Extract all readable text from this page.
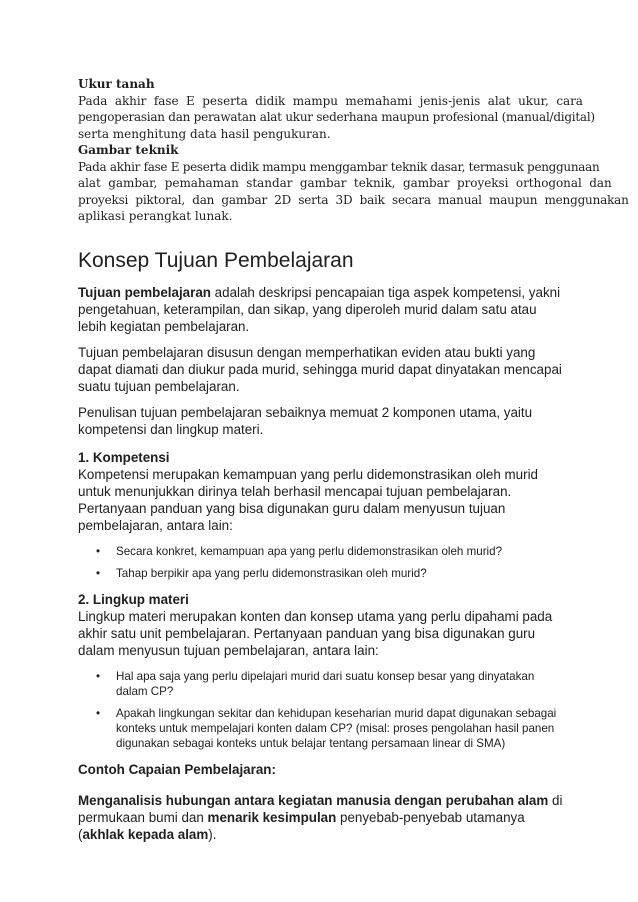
Ukur tanah
Pada  akhir  fase  E  peserta  didik  mampu  memahami  jenis-jenis  alat  ukur,  cara
pengoperasian dan perawatan alat ukur sederhana maupun profesional (manual/digital)
serta menghitung data hasil pengukuran.
Gambar teknik
Pada akhir fase E peserta didik mampu menggambar teknik dasar, termasuk penggunaan
alat  gambar,  pemahaman  standar  gambar  teknik,  gambar  proyeksi  orthogonal  dan
proyeksi  piktoral,  dan  gambar  2D  serta  3D  baik  secara  manual  maupun  menggunakan
aplikasi perangkat lunak.
Konsep Tujuan Pembelajaran

Tujuan pembelajaran adalah deskripsi pencapaian tiga aspek kompetensi, yakni pengetahuan, keterampilan, dan sikap, yang diperoleh murid dalam satu atau lebih kegiatan pembelajaran.

Tujuan pembelajaran disusun dengan memperhatikan eviden atau bukti yang dapat diamati dan diukur pada murid, sehingga murid dapat dinyatakan mencapai suatu tujuan pembelajaran.

Penulisan tujuan pembelajaran sebaiknya memuat 2 komponen utama, yaitu kompetensi dan lingkup materi.

1. Kompetensi

Kompetensi merupakan kemampuan yang perlu didemonstrasikan oleh murid untuk menunjukkan dirinya telah berhasil mencapai tujuan pembelajaran. Pertanyaan panduan yang bisa digunakan guru dalam menyusun tujuan pembelajaran, antara lain:

• Secara konkret, kemampuan apa yang perlu didemonstrasikan oleh murid?
• Tahap berpikir apa yang perlu didemonstrasikan oleh murid?
2. Lingkup materi

Lingkup materi merupakan konten dan konsep utama yang perlu dipahami pada akhir satu unit pembelajaran. Pertanyaan panduan yang bisa digunakan guru dalam menyusun tujuan pembelajaran, antara lain:

• Hal apa saja yang perlu dipelajari murid dari suatu konsep besar yang dinyatakan dalam CP?
• Apakah lingkungan sekitar dan kehidupan keseharian murid dapat digunakan sebagai konteks untuk mempelajari konten dalam CP? (misal: proses pengolahan hasil panen digunakan sebagai konteks untuk belajar tentang persamaan linear di SMA)
Contoh Capaian Pembelajaran:

Menganalisis hubungan antara kegiatan manusia dengan perubahan alam di permukaan bumi dan menarik kesimpulan penyebab-penyebab utamanya (akhlak kepada alam).
